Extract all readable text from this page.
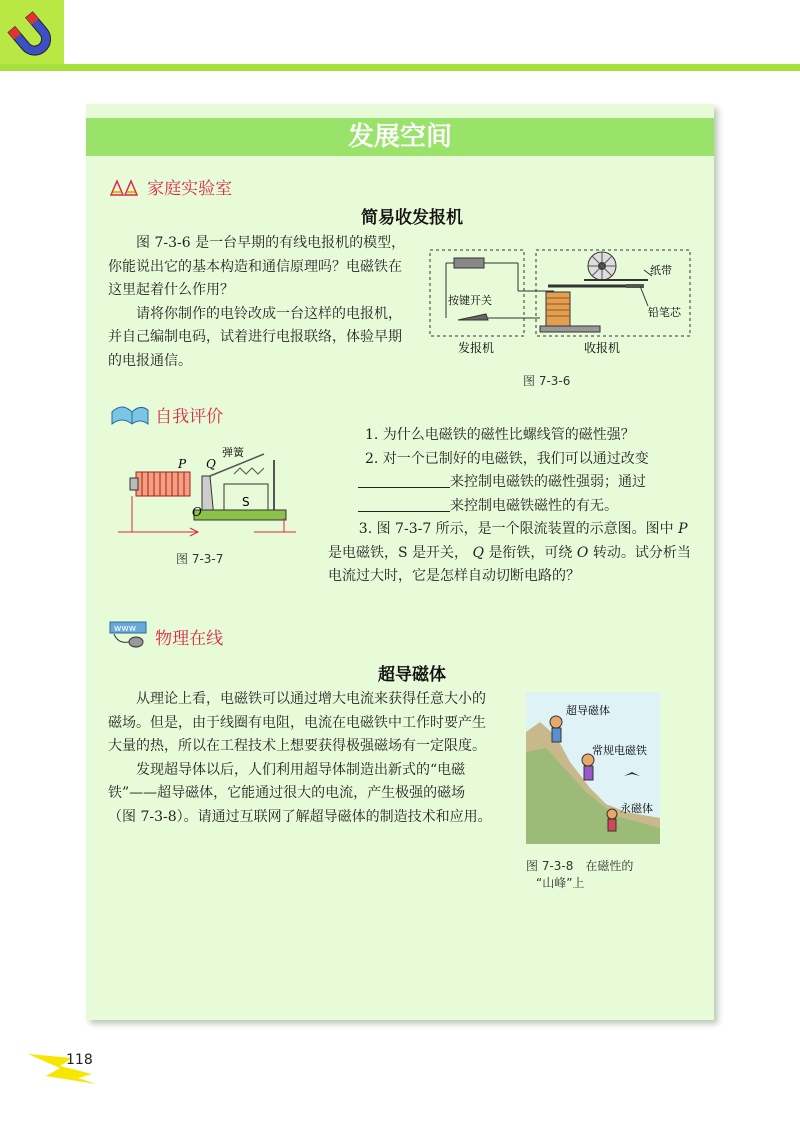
发展空间
家庭实验室
简易收发报机

图 7-3-6 是一台早期的有线电报机的模型，你能说出它的基本构造和通信原理吗？电磁铁在这里起着什么作用？

请将你制作的电铃改成一台这样的电报机，并自己编制电码，试着进行电报联络，体验早期的电报通信。

纸带
铅笔芯
按键开关
发报机	收报机
图 7-3-6
自我评价

1. 为什么电磁铁的磁性比螺线管的磁性强？

2. 对一个已制好的电磁铁，我们可以通过改变
来控制电磁铁的磁性强弱；通过
来控制电磁铁磁性的有无。

3. 图 7-3-7 所示，是一个限流装置的示意图。图中 P 是电磁铁，S 是开关， Q 是衔铁，可绕 O 转动。试分析当电流过大时，它是怎样自动切断电路的？

S
P Q
O
弹簧
图 7-3-7
www 物理在线
超导磁体

从理论上看，电磁铁可以通过增大电流来获得任意大小的磁场。但是，由于线圈有电阻，电流在电磁铁中工作时要产生大量的热，所以在工程技术上想要获得极强磁场有一定限度。

发现超导体以后，人们利用超导体制造出新式的“电磁铁”——超导磁体，它能通过很大的电流，产生极强的磁场（图 7-3-8）。请通过互联网了解超导磁体的制造技术和应用。

超导磁体
常规电磁铁
永磁体
图 7-3-8　在磁性的
“山峰”上
118
